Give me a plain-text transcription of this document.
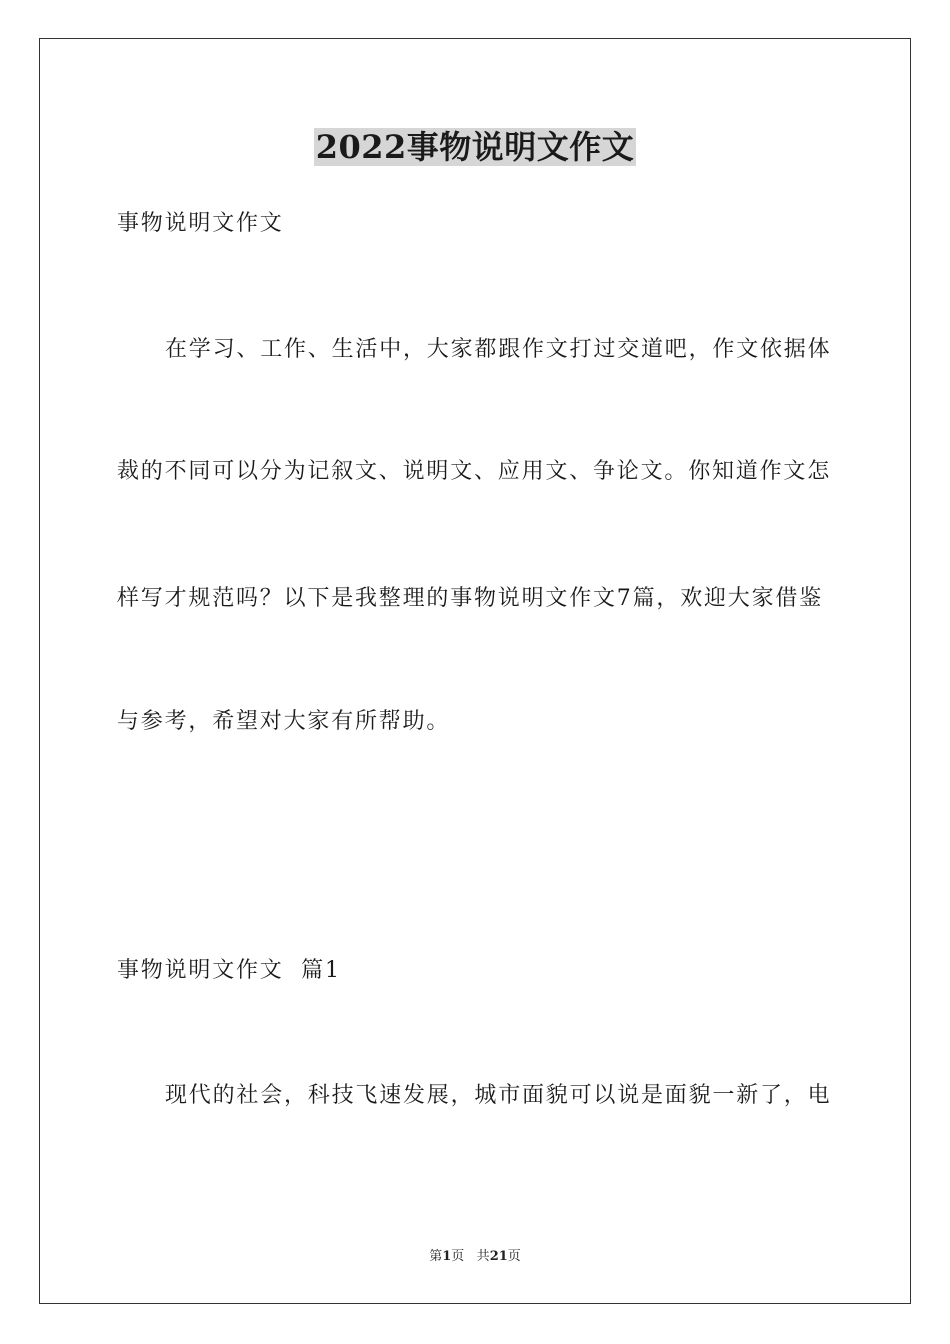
2022事物说明文作文
事物说明文作文
在学习、工作、生活中，大家都跟作文打过交道吧，作文依据体
裁的不同可以分为记叙文、说明文、应用文、争论文。你知道作文怎
样写才规范吗？以下是我整理的事物说明文作文7篇，欢迎大家借鉴
与参考，希望对大家有所帮助。
事物说明文作文  篇1
现代的社会，科技飞速发展，城市面貌可以说是面貌一新了，电
第1页 共21页
